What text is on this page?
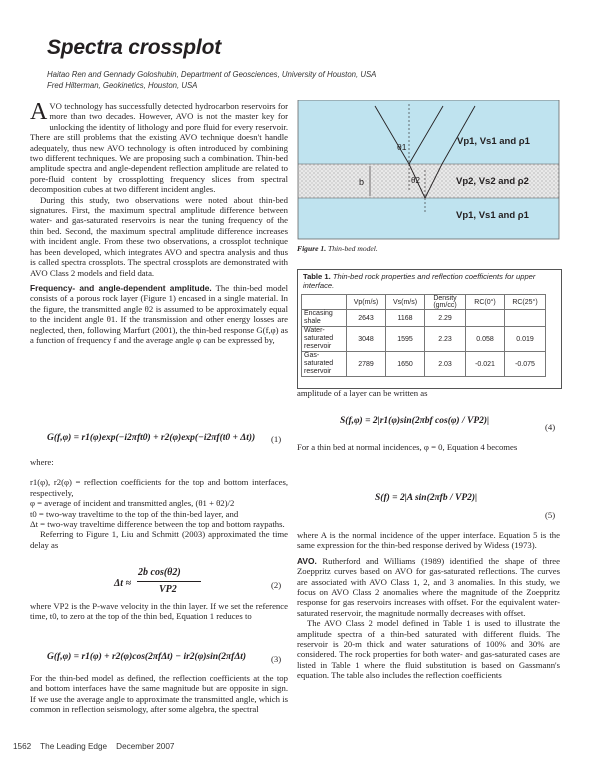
Spectra crossplot
Haitao Ren and Gennady Goloshubin, Department of Geosciences, University of Houston, USA
Fred Hilterman, Geokinetics, Houston, USA

AVO technology has successfully detected hydrocarbon reservoirs for more than two decades. However, AVO is not the master key for unlocking the identity of lithology and pore fluid for every reservoir. There are still problems that the existing AVO technique doesn't handle adequately, thus new AVO technology is often introduced by combining two different techniques. We are proposing such a combination. Thin-bed amplitude spectra and angle-dependent reflection amplitude are related to pore-fluid content by crossplotting frequency slices from spectral decomposition cubes at two different incident angles.

During this study, two observations were noted about thin-bed signatures. First, the maximum spectral amplitude difference between water- and gas-saturated reservoirs is near the tuning frequency of the thin bed. Second, the maximum spectral amplitude difference increases with incident angle. From these two observations, a crossplot technique has been developed, which integrates AVO and spectra analysis and thus is called spectra crossplots. The spectral crossplots are demonstrated with AVO Class 2 models and field data.

Frequency- and angle-dependent amplitude. The thin-bed model consists of a porous rock layer (Figure 1) encased in a single material. In the figure, the transmitted angle θ2 is assumed to be approximately equal to the incident angle θ1. If the transmission and other energy losses are neglected, then, following Marfurt (2001), the thin-bed response G(f,φ) as a function of frequency f and the average angle φ can be expressed by,

G(f,φ) = r1(φ)exp(−i2πft0) + r2(φ)exp(−i2πf(t0 + Δt)) (1)

where:

r1(φ), r2(φ) = reflection coefficients for the top and bottom interfaces, respectively,

φ = average of incident and transmitted angles, (θ1 + θ2)/2

t0 = two-way traveltime to the top of the thin-bed layer, and

Δt = two-way traveltime difference between the top and bottom raypaths.

Referring to Figure 1, Liu and Schmitt (2003) approximated the time delay as

Δt ≈
2b cos(θ2)
VP2	(2)

where VP2 is the P-wave velocity in the thin layer. If we set the reference time, t0, to zero at the top of the thin bed, Equation 1 reduces to

G(f,φ) = r1(φ) + r2(φ)cos(2πfΔt) − ir2(φ)sin(2πfΔt)	(3)

For the thin-bed model as defined, the reflection coefficients at the top and bottom interfaces have the same magnitude but are opposite in sign. If we use the average angle to approximate the transmitted angle, which is common in reflection seismology, after some algebra, the spectral

θ1
θ2
b
Vp1, Vs1 and ρ1
Vp2, Vs2 and ρ2
Vp1, Vs1 and ρ1
Figure 1. Thin-bed model.
Table 1. Thin-bed rock properties and reflection coefficients for upper interface.
	Vp(m/s)	Vs(m/s)	Density (gm/cc)	RC(0°)	RC(25°)
Encasing shale	2643	1168	2.29		
Water-saturated reservoir	3048	1595	2.23	0.058	0.019
Gas-saturated reservoir	2789	1650	2.03	-0.021	-0.075

amplitude of a layer can be written as

S(f,φ) = 2|r1(φ)sin(2πbf cos(φ) / VP2)|
(4)

For a thin bed at normal incidences, φ = 0, Equation 4 becomes

S(f) = 2|A sin(2πfb / VP2)|
(5)

where A is the normal incidence of the upper interface. Equation 5 is the same expression for the thin-bed response derived by Widess (1973).

AVO. Rutherford and Williams (1989) identified the shape of three Zoeppritz curves based on AVO for gas-saturated reflections. The curves are associated with AVO Class 1, 2, and 3 anomalies. In this study, we focus on AVO Class 2 anomalies where the magnitude of the Zoeppritz response for gas reservoirs increases with offset. For the equivalent water-saturated reservoir, the magnitude normally decreases with offset.

The AVO Class 2 model defined in Table 1 is used to illustrate the amplitude spectra of a thin-bed saturated with different fluids. The reservoir is 20-m thick and water saturations of 100% and 30% are considered. The rock properties for both water- and gas-saturated cases are listed in Table 1 where the fluid substitution is based on Gassmann's equation. The table also includes the reflection coefficients

1562    The Leading Edge    December 2007
